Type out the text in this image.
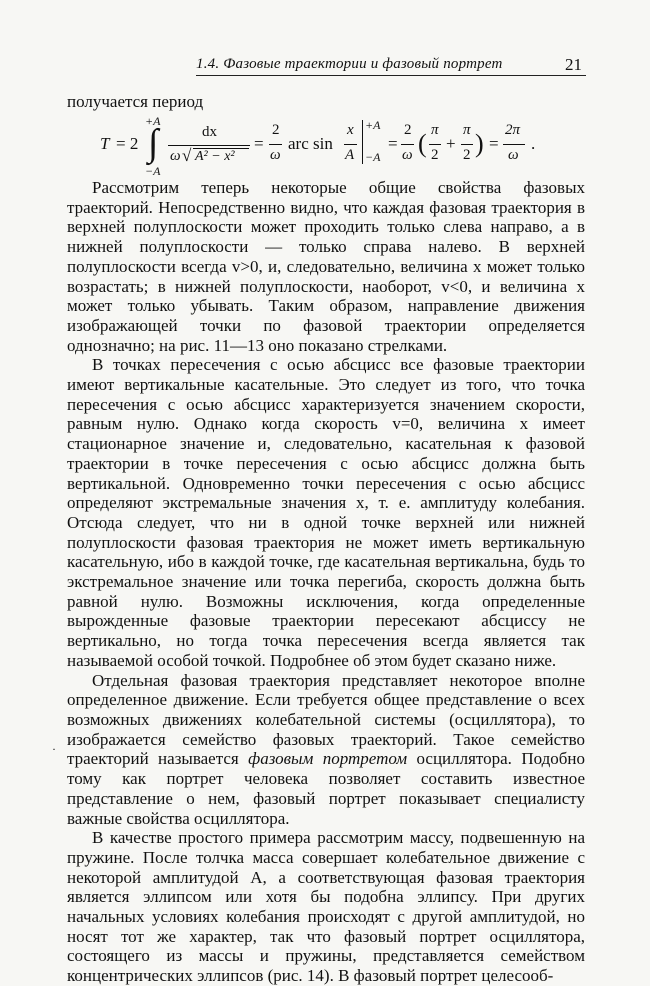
1.4. Фазовые траектории и фазовый портрет	21
получается период
T = 2
+A
∫
−A
dx
ω √ A² − x²
=
2
ω
arc sin
x
A
+A
−A
=
2
ω ( π
2
+
π
2 ) =
2π
ω
.

Рассмотрим теперь некоторые общие свойства фазовых траекторий. Непосредственно видно, что каждая фазовая траектория в верхней полуплоскости может проходить только слева направо, а в нижней полуплоскости — только справа налево. В верхней полуплоскости всегда v>0, и, следовательно, величина x может только возрастать; в нижней полуплоскости, наоборот, v<0, и величина x может только убывать. Таким образом, направление движения изображающей точки по фазовой траектории определяется однозначно; на рис. 11—13 оно показано стрелками.

В точках пересечения с осью абсцисс все фазовые траектории имеют вертикальные касательные. Это следует из того, что точка пересечения с осью абсцисс характеризуется значением скорости, равным нулю. Однако когда скорость v=0, величина x имеет стационарное значение и, следовательно, касательная к фазовой траектории в точке пересечения с осью абсцисс должна быть вертикальной. Одновременно точки пересечения с осью абсцисс определяют экстремальные значения x, т. е. амплитуду колебания. Отсюда следует, что ни в одной точке верхней или нижней полуплоскости фазовая траектория не может иметь вертикальную касательную, ибо в каждой точке, где касательная вертикальна, будь то экстремальное значение или точка перегиба, скорость должна быть равной нулю. Возможны исключения, когда определенные вырожденные фазовые траектории пересекают абсциссу не вертикально, но тогда точка пересечения всегда является так называемой особой точкой. Подробнее об этом будет сказано ниже.

Отдельная фазовая траектория представляет некоторое вполне определенное движение. Если требуется общее представление о всех возможных движениях колебательной системы (осциллятора), то изображается семейство фазовых траекторий. Такое семейство траекторий называется фазовым портретом осциллятора. Подобно тому как портрет человека позволяет составить известное представление о нем, фазовый портрет показывает специалисту важные свойства осциллятора.

В качестве простого примера рассмотрим массу, подвешенную на пружине. После толчка масса совершает колебательное движение с некоторой амплитудой A, а соответствующая фазовая траектория является эллипсом или хотя бы подобна эллипсу. При других начальных условиях колебания происходят с другой амплитудой, но носят тот же характер, так что фазовый портрет осциллятора, состоящего из массы и пружины, представляется семейством концентрических эллипсов (рис. 14). В фазовый портрет целесооб-

·
